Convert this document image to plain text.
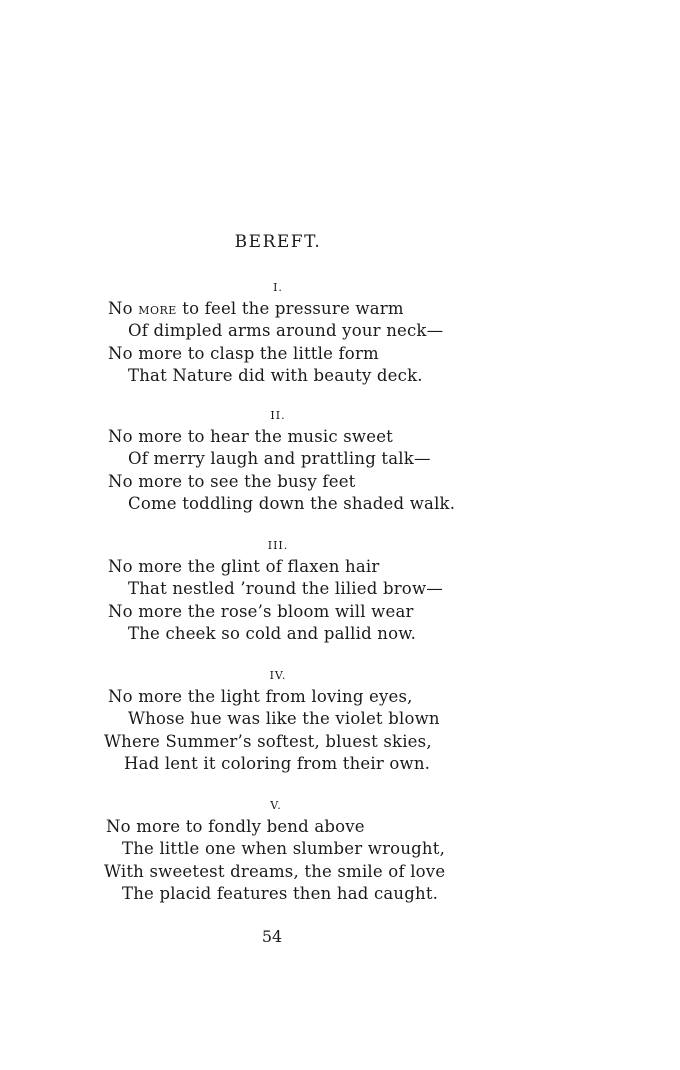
BEREFT.
I.
No more to feel the pressure warm
Of dimpled arms around your neck—
No more to clasp the little form
That Nature did with beauty deck.
II.
No more to hear the music sweet
Of merry laugh and prattling talk—
No more to see the busy feet
Come toddling down the shaded walk.
III.
No more the glint of flaxen hair
That nestled ’round the lilied brow—
No more the rose’s bloom will wear
The cheek so cold and pallid now.
IV.
No more the light from loving eyes,
Whose hue was like the violet blown
Where Summer’s softest, bluest skies,
Had lent it coloring from their own.
V.
No more to fondly bend above
The little one when slumber wrought,
With sweetest dreams, the smile of love
The placid features then had caught.
54
